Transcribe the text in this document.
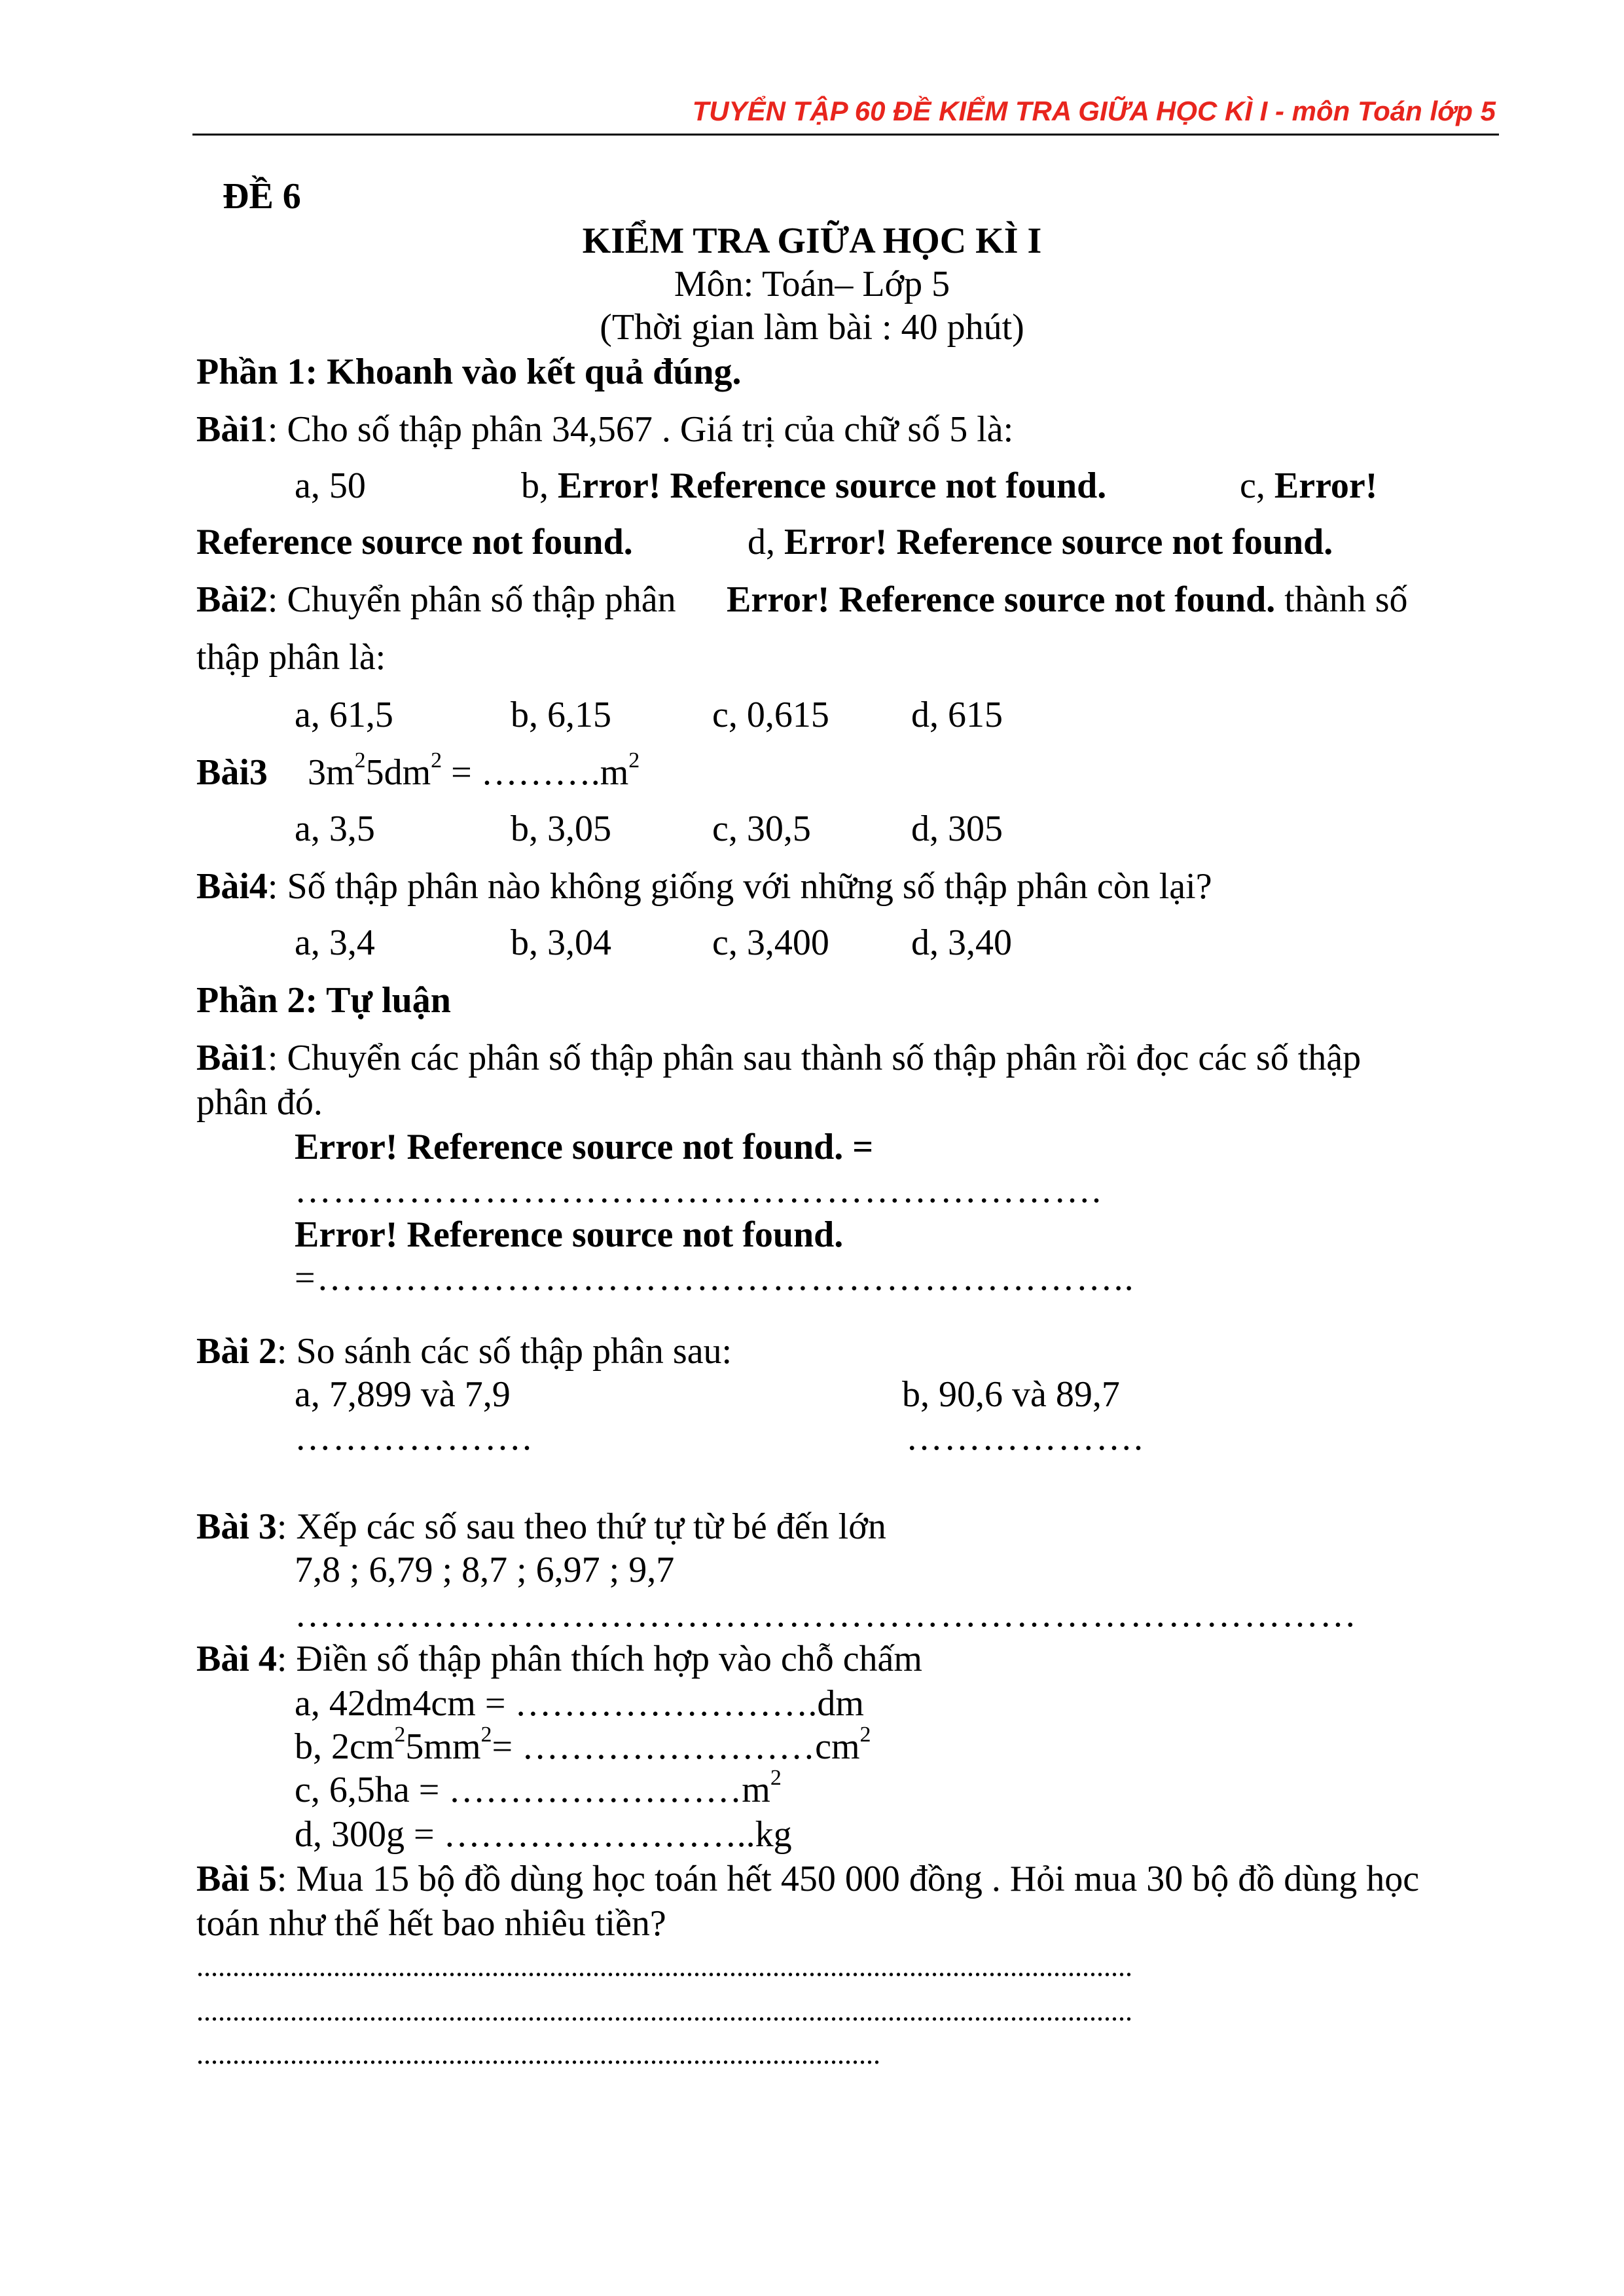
TUYỂN TẬP 60 ĐỀ KIỂM TRA GIỮA HỌC KÌ I - môn Toán lớp 5
ĐỀ 6
KIỂM TRA GIỮA HỌC KÌ I
Môn: Toán– Lớp 5
(Thời gian làm bài : 40 phút)
Phần 1: Khoanh vào kết quả đúng.
Bài1: Cho số thập phân 34,567 . Giá trị của chữ số 5 là:
a, 50	b, Error! Reference source not found.	c, Error!
Reference source not found.	d, Error! Reference source not found.
Bài2: Chuyển phân số thập phân Error! Reference source not found. thành số
thập phân là:
a, 61,5	b, 6,15	c, 0,615 d, 615
Bài3 $3m^25dm^2$ = $\dots\dots\dots.m^2$
a, 3,5	b, 3,05	c, 30,5	d, 305
Bài4: Số thập phân nào không giống với những số thập phân còn lại?
a, 3,4	b, 3,04	c, 3,400 d, 3,40
Phần 2: Tự luận
Bài1: Chuyển các phân số thập phân sau thành số thập phân rồi đọc các số thập
phân đó.
Error! Reference source not found. =
……………………………………………………….
Error! Reference source not found.
=………………………………………………………..
Bài 2: So sánh các số thập phân sau:
a, 7,899 và 7,9	b, 90,6 và 89,7
……………….	……………….
Bài 3: Xếp các số sau theo thứ tự từ bé đến lớn
7,8 ; 6,79 ; 8,7 ; 6,97 ; 9,7
…………………………………………………………………………
Bài 4: Điền số thập phân thích hợp vào chỗ chấm
a, 42dm4cm = …………………….dm
b, $2cm^25mm^2=$ $\dots\dots\dots\dots\dots\dots\dots\dots cm^2$
c, $6,5ha = \dots\dots\dots\dots\dots\dots\dots\dots m^2$
d, 300g = ……………………..kg
Bài 5: Mua 15 bộ đồ dùng học toán hết 450 000 đồng . Hỏi mua 30 bộ đồ dùng học
toán như thế hết bao nhiêu tiền?
..................................................................................................................................
..................................................................................................................................
...............................................................................................
